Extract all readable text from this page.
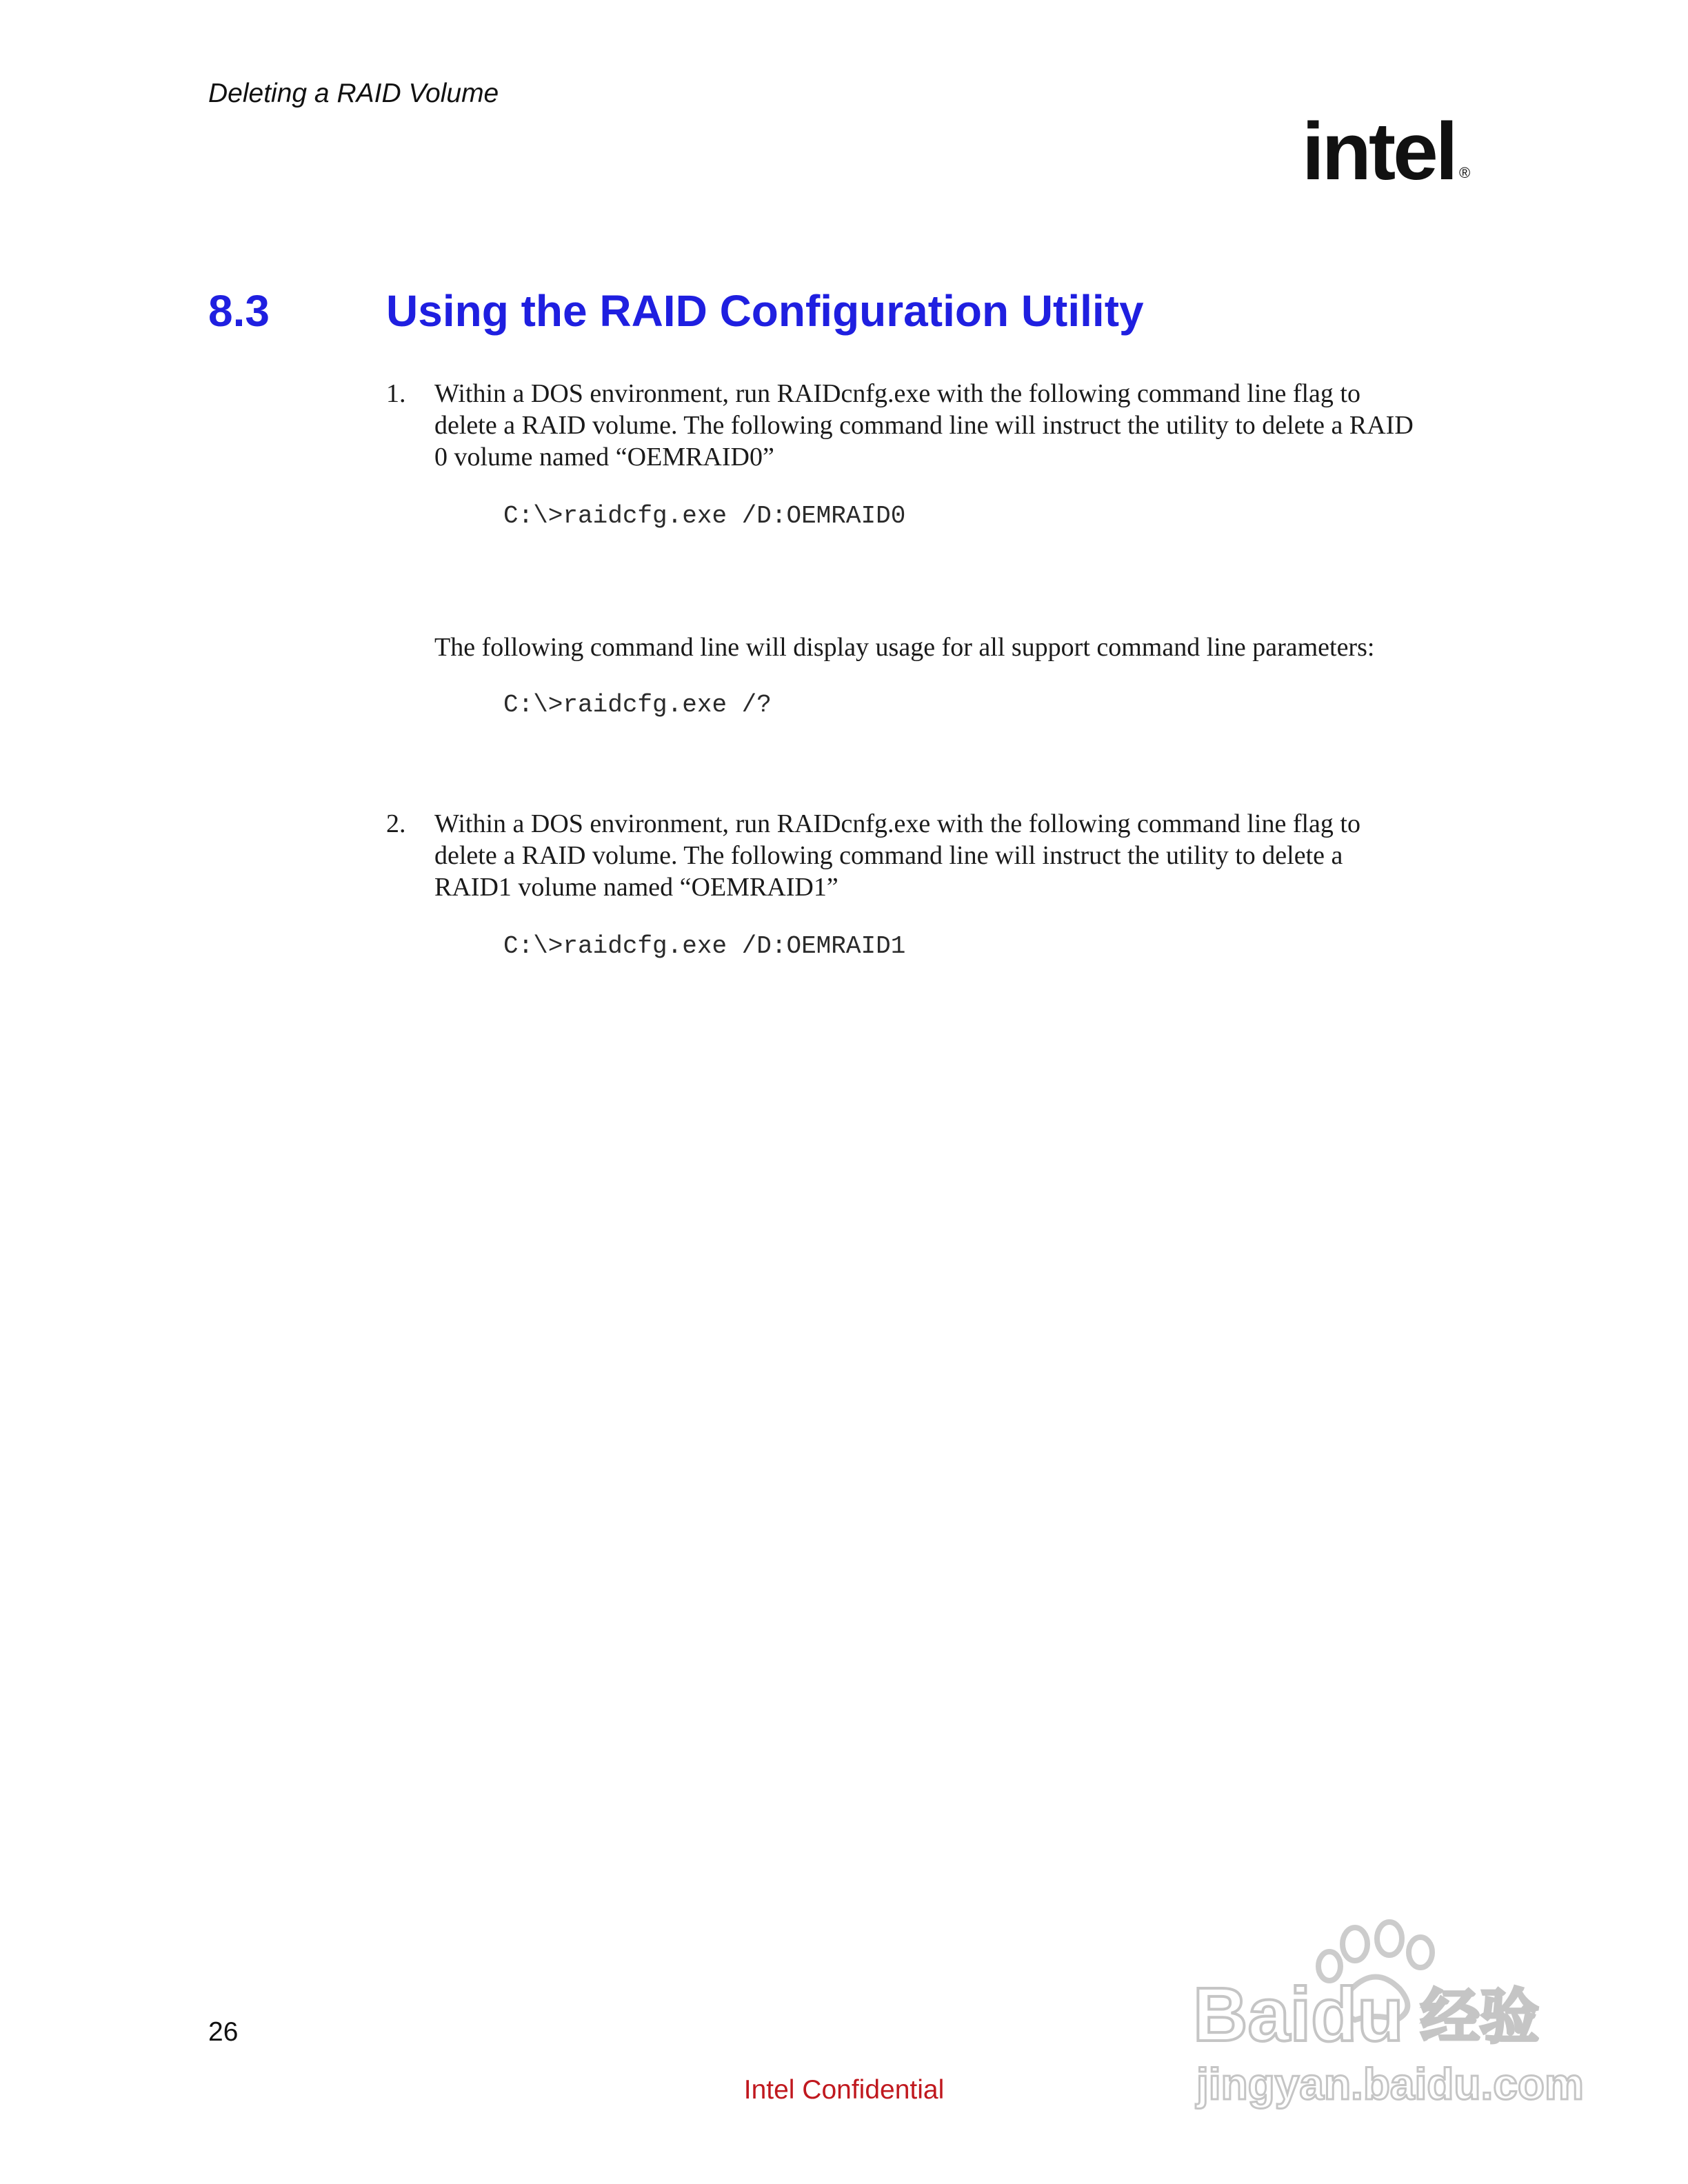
Deleting a RAID Volume
intel ®
8.3	Using the RAID Configuration Utility
1. Within a DOS environment, run RAIDcnfg.exe with the following command line flag to
delete a RAID volume. The following command line will instruct the utility to delete a RAID
0 volume named “OEMRAID0”
C:\>raidcfg.exe /D:OEMRAID0
The following command line will display usage for all support command line parameters:
C:\>raidcfg.exe /?
2. Within a DOS environment, run RAIDcnfg.exe with the following command line flag to
delete a RAID volume. The following command line will instruct the utility to delete a
RAID1 volume named “OEMRAID1”
C:\>raidcfg.exe /D:OEMRAID1
26
Intel Confidential
Baidu 经验
jingyan.baidu.com
